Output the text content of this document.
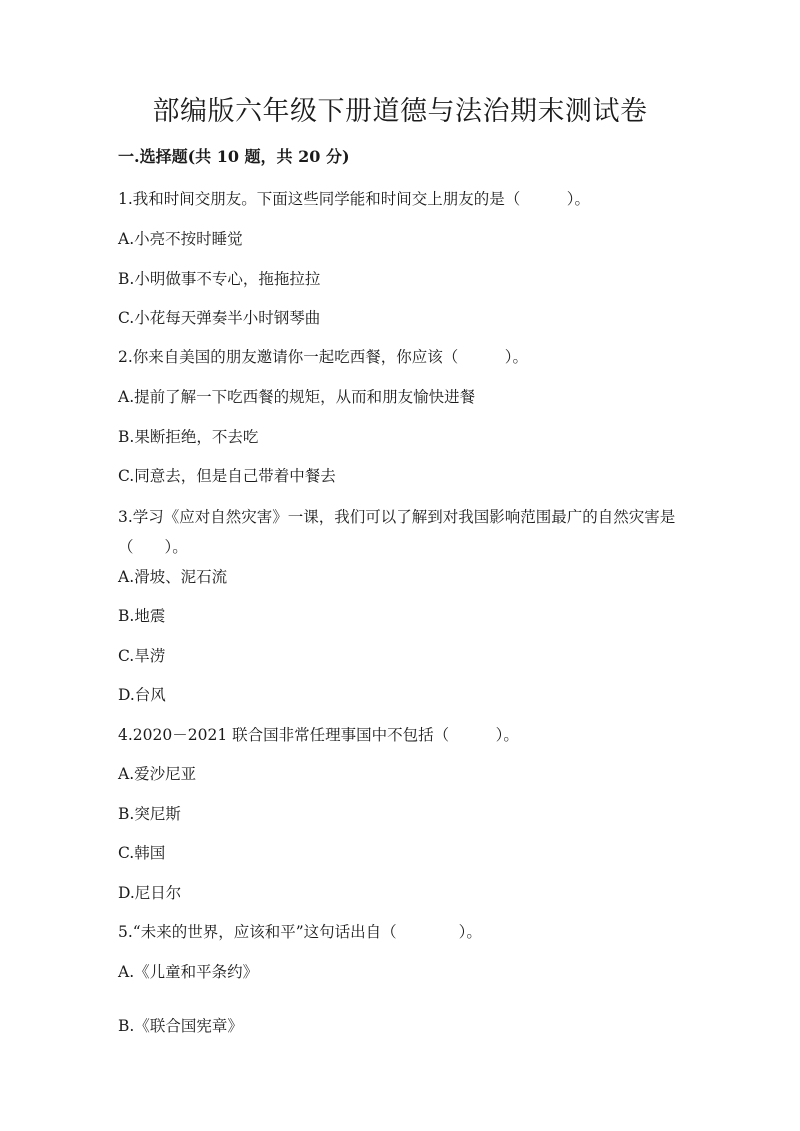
部编版六年级下册道德与法治期末测试卷
一.选择题(共 10 题，共 20 分)
1.我和时间交朋友。下面这些同学能和时间交上朋友的是（　　　）。
A.小亮不按时睡觉
B.小明做事不专心，拖拖拉拉
C.小花每天弹奏半小时钢琴曲
2.你来自美国的朋友邀请你一起吃西餐，你应该（　　　）。
A.提前了解一下吃西餐的规矩，从而和朋友愉快进餐
B.果断拒绝，不去吃
C.同意去，但是自己带着中餐去
3.学习《应对自然灾害》一课，我们可以了解到对我国影响范围最广的自然灾害是（　　）。
A.滑坡、泥石流
B.地震
C.旱涝
D.台风
4.2020－2021 联合国非常任理事国中不包括（　　　）。
A.爱沙尼亚
B.突尼斯
C.韩国
D.尼日尔
5.“未来的世界，应该和平”这句话出自（　　　　）。
A.《儿童和平条约》
B.《联合国宪章》
